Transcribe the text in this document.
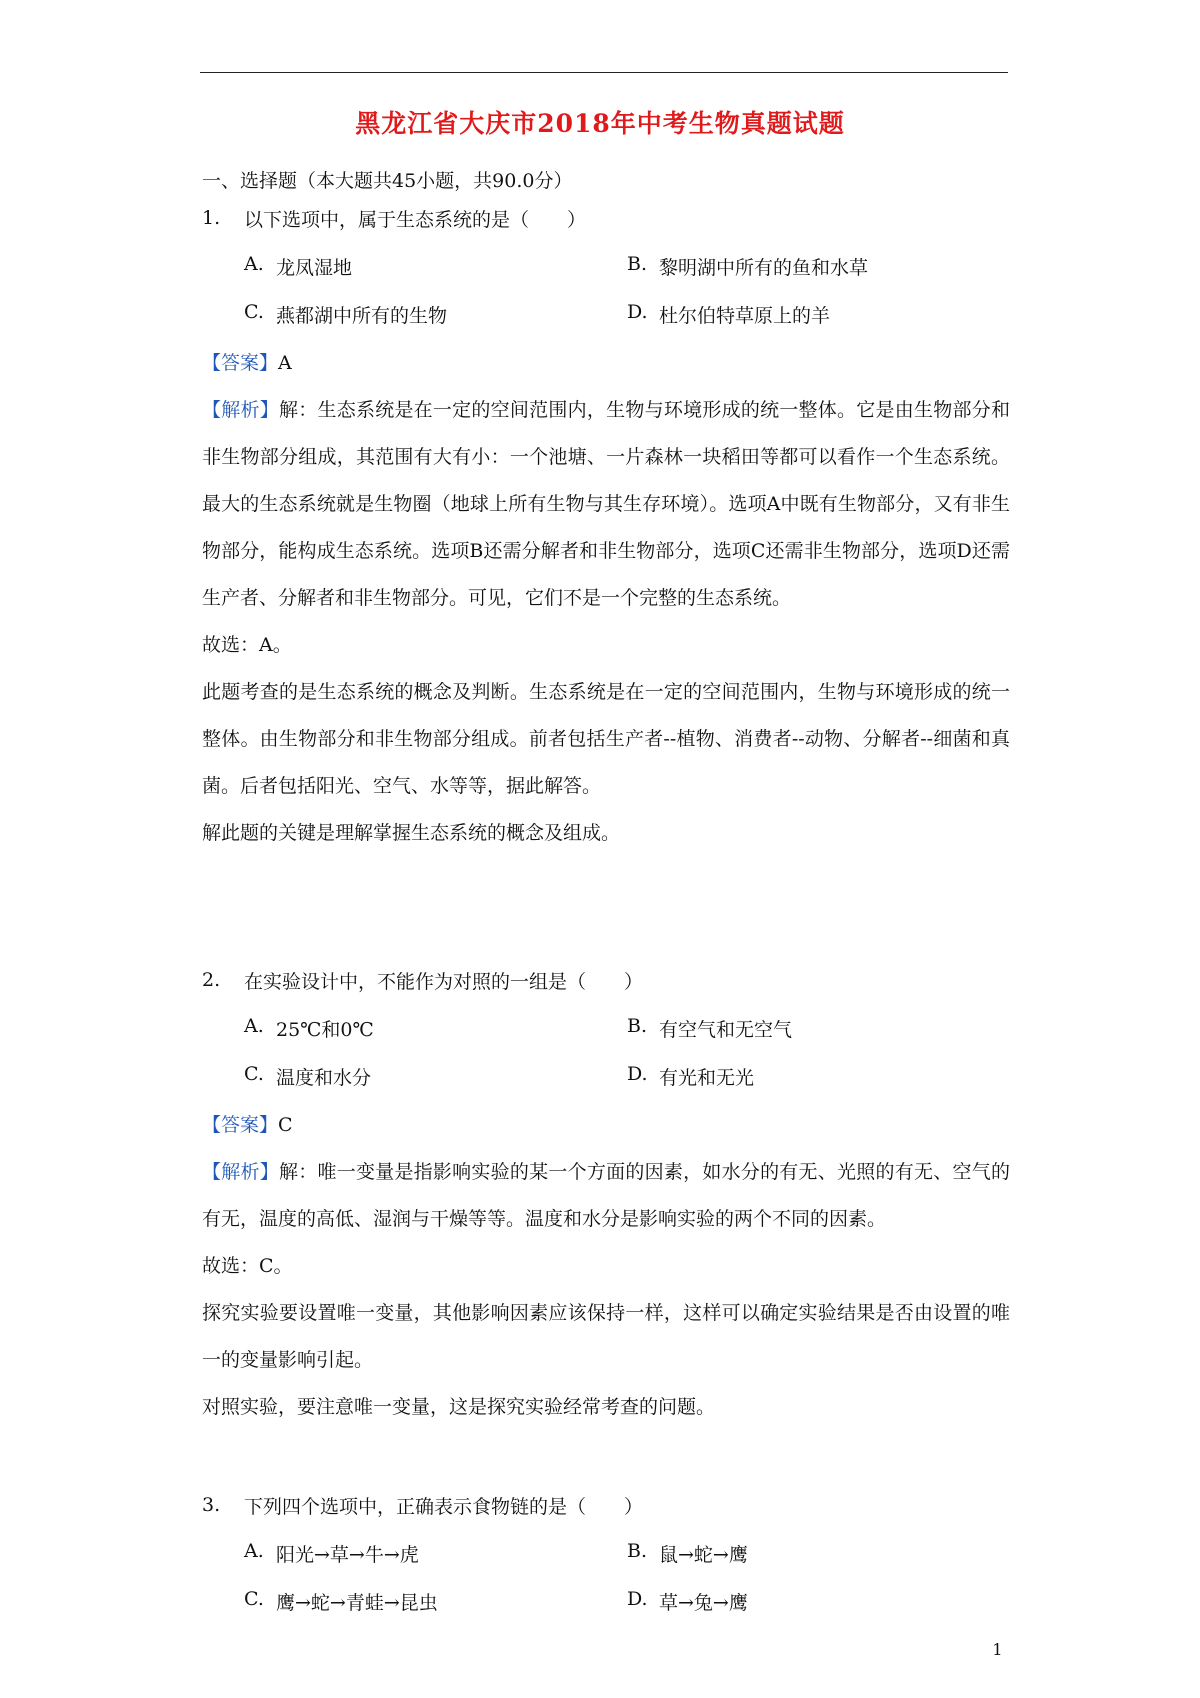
黑龙江省大庆市2018年中考生物真题试题

一、选择题（本大题共45小题，共90.0分）

1.	以下选项中，属于生态系统的是（　　）
A. 龙凤湿地	B. 黎明湖中所有的鱼和水草
C. 燕都湖中所有的生物	D. 杜尔伯特草原上的羊
【答案】A
【解析】解：生态系统是在一定的空间范围内，生物与环境形成的统一整体。它是由生物部分和非生物部分组成，其范围有大有小：一个池塘、一片森林一块稻田等都可以看作一个生态系统。最大的生态系统就是生物圈（地球上所有生物与其生存环境）。选项A中既有生物部分，又有非生物部分，能构成生态系统。选项B还需分解者和非生物部分，选项C还需非生物部分，选项D还需生产者、分解者和非生物部分。可见，它们不是一个完整的生态系统。
故选：A。
此题考查的是生态系统的概念及判断。生态系统是在一定的空间范围内，生物与环境形成的统一整体。由生物部分和非生物部分组成。前者包括生产者--植物、消费者--动物、分解者--细菌和真菌。后者包括阳光、空气、水等等，据此解答。
解此题的关键是理解掌握生态系统的概念及组成。
2.	在实验设计中，不能作为对照的一组是（　　）
A. 25℃和0℃	B. 有空气和无空气
C. 温度和水分	D. 有光和无光
【答案】C
【解析】解：唯一变量是指影响实验的某一个方面的因素，如水分的有无、光照的有无、空气的有无，温度的高低、湿润与干燥等等。温度和水分是影响实验的两个不同的因素。
故选：C。
探究实验要设置唯一变量，其他影响因素应该保持一样，这样可以确定实验结果是否由设置的唯一的变量影响引起。
对照实验，要注意唯一变量，这是探究实验经常考查的问题。
3.	下列四个选项中，正确表示食物链的是（　　）
A. 阳光→草→牛→虎	B. 鼠→蛇→鹰
C. 鹰→蛇→青蛙→昆虫	D. 草→兔→鹰
1
